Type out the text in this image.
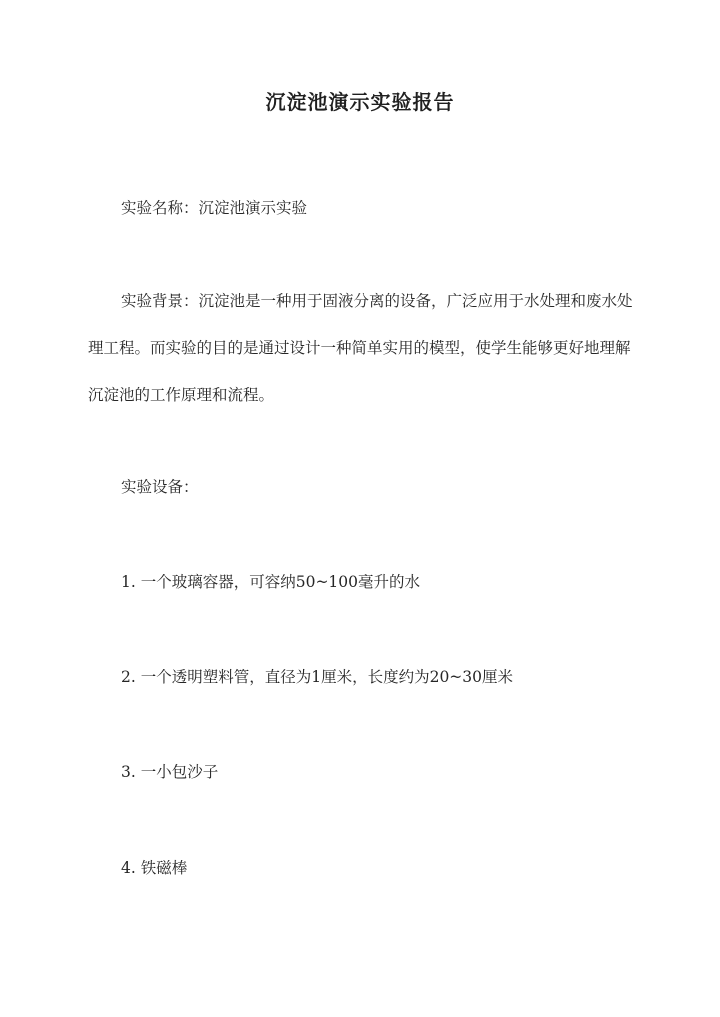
沉淀池演示实验报告

实验名称：沉淀池演示实验

实验背景：沉淀池是一种用于固液分离的设备，广泛应用于水处理和废水处理工程。而实验的目的是通过设计一种简单实用的模型，使学生能够更好地理解沉淀池的工作原理和流程。

实验设备：

1. 一个玻璃容器，可容纳50~100毫升的水

2. 一个透明塑料管，直径为1厘米，长度约为20~30厘米

3. 一小包沙子

4. 铁磁棒
